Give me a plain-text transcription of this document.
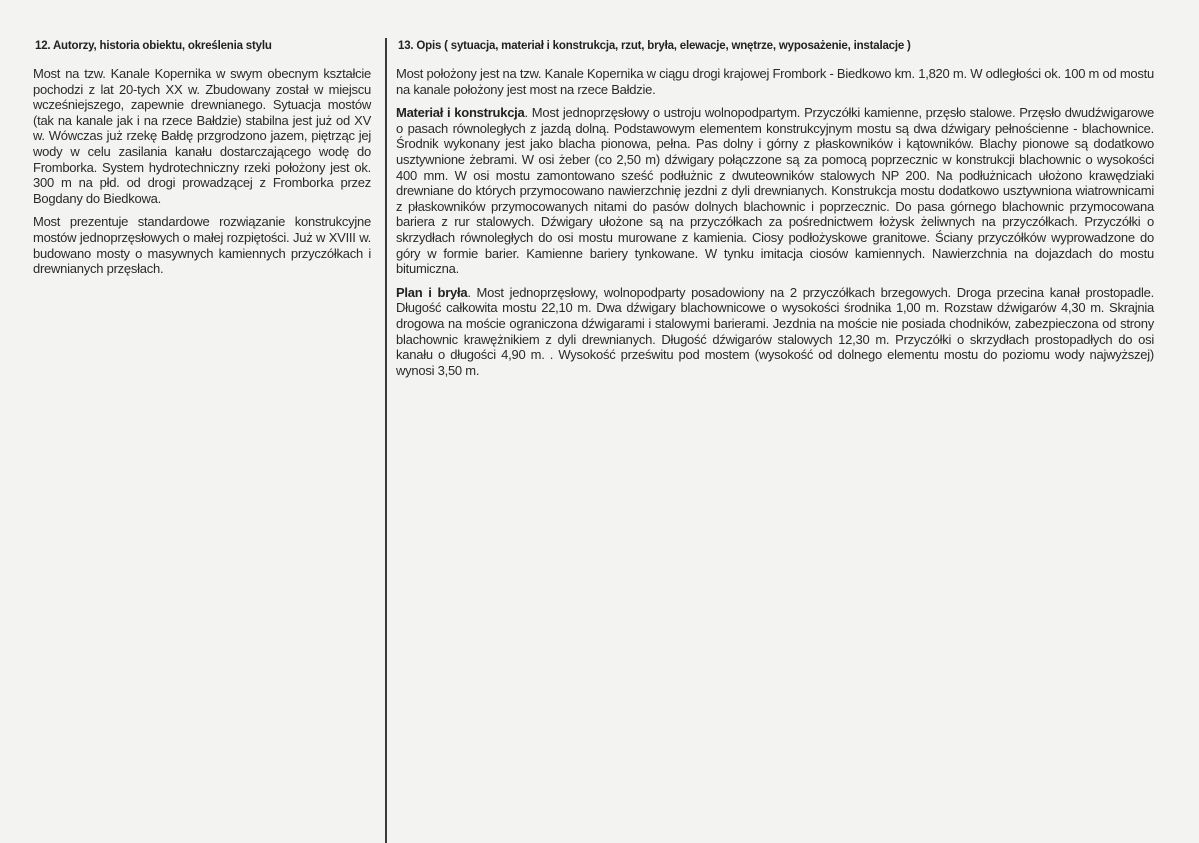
12. Autorzy, historia obiektu, określenia stylu

Most na tzw. Kanale Kopernika w swym obecnym kształcie pochodzi z lat 20-tych XX w. Zbudowany został w miejscu wcześniejszego, zapewnie drewnianego. Sytuacja mostów (tak na kanale jak i na rzece Bałdzie) stabilna jest już od XV w. Wówczas już rzekę Bałdę przgrodzono jazem, piętrząc jej wody w celu zasilania kanału dostarczającego wodę do Fromborka. System hydrotechniczny rzeki położony jest ok. 300 m na płd. od drogi prowadzącej z Fromborka przez Bogdany do Biedkowa.

Most prezentuje standardowe rozwiązanie konstrukcyjne mostów jednoprzęsłowych o małej rozpiętości. Już w XVIII w. budowano mosty o masywnych kamiennych przyczółkach i drewnianych przęsłach.

13. Opis ( sytuacja, materiał i konstrukcja, rzut, bryła, elewacje, wnętrze, wyposażenie, instalacje )

Most położony jest na tzw. Kanale Kopernika w ciągu drogi krajowej Frombork - Biedkowo km. 1,820 m. W odległości ok. 100 m od mostu na kanale położony jest most na rzece Bałdzie.

Materiał i konstrukcja. Most jednoprzęsłowy o ustroju wolnopodpartym. Przyczółki kamienne, przęsło stalowe. Przęsło dwudźwigarowe o pasach równoległych z jazdą dolną. Podstawowym elementem konstrukcyjnym mostu są dwa dźwigary pełnościenne - blachownice. Środnik wykonany jest jako blacha pionowa, pełna. Pas dolny i górny z płaskowników i kątowników. Blachy pionowe są dodatkowo usztywnione żebrami. W osi żeber (co 2,50 m) dźwigary połączzone są za pomocą poprzecznic w konstrukcji blachownic o wysokości 400 mm. W osi mostu zamontowano sześć podłużnic z dwuteowników stalowych NP 200. Na podłużnicach ułożono krawędziaki drewniane do których przymocowano nawierzchnię jezdni z dyli drewnianych. Konstrukcja mostu dodatkowo usztywniona wiatrownicami z płaskowników przymocowanych nitami do pasów dolnych blachownic i poprzecznic. Do pasa górnego blachownic przymocowana bariera z rur stalowych. Dźwigary ułożone są na przyczółkach za pośrednictwem łożysk żeliwnych na przyczółkach. Przyczółki o skrzydłach równoległych do osi mostu murowane z kamienia. Ciosy podłożyskowe granitowe. Ściany przyczółków wyprowadzone do góry w formie barier. Kamienne bariery tynkowane. W tynku imitacja ciosów kamiennych. Nawierzchnia na dojazdach do mostu bitumiczna.

Plan i bryła. Most jednoprzęsłowy, wolnopodparty posadowiony na 2 przyczółkach brzegowych. Droga przecina kanał prostopadle. Długość całkowita mostu 22,10 m. Dwa dźwigary blachownicowe o wysokości środnika 1,00 m. Rozstaw dźwigarów 4,30 m. Skrajnia drogowa na moście ograniczona dźwigarami i stalowymi barierami. Jezdnia na moście nie posiada chodników, zabezpieczona od strony blachownic krawężnikiem z dyli drewnianych. Długość dźwigarów stalowych 12,30 m. Przyczółki o skrzydłach prostopadłych do osi kanału o długości 4,90 m. . Wysokość prześwitu pod mostem (wysokość od dolnego elementu mostu do poziomu wody najwyższej) wynosi 3,50 m.
